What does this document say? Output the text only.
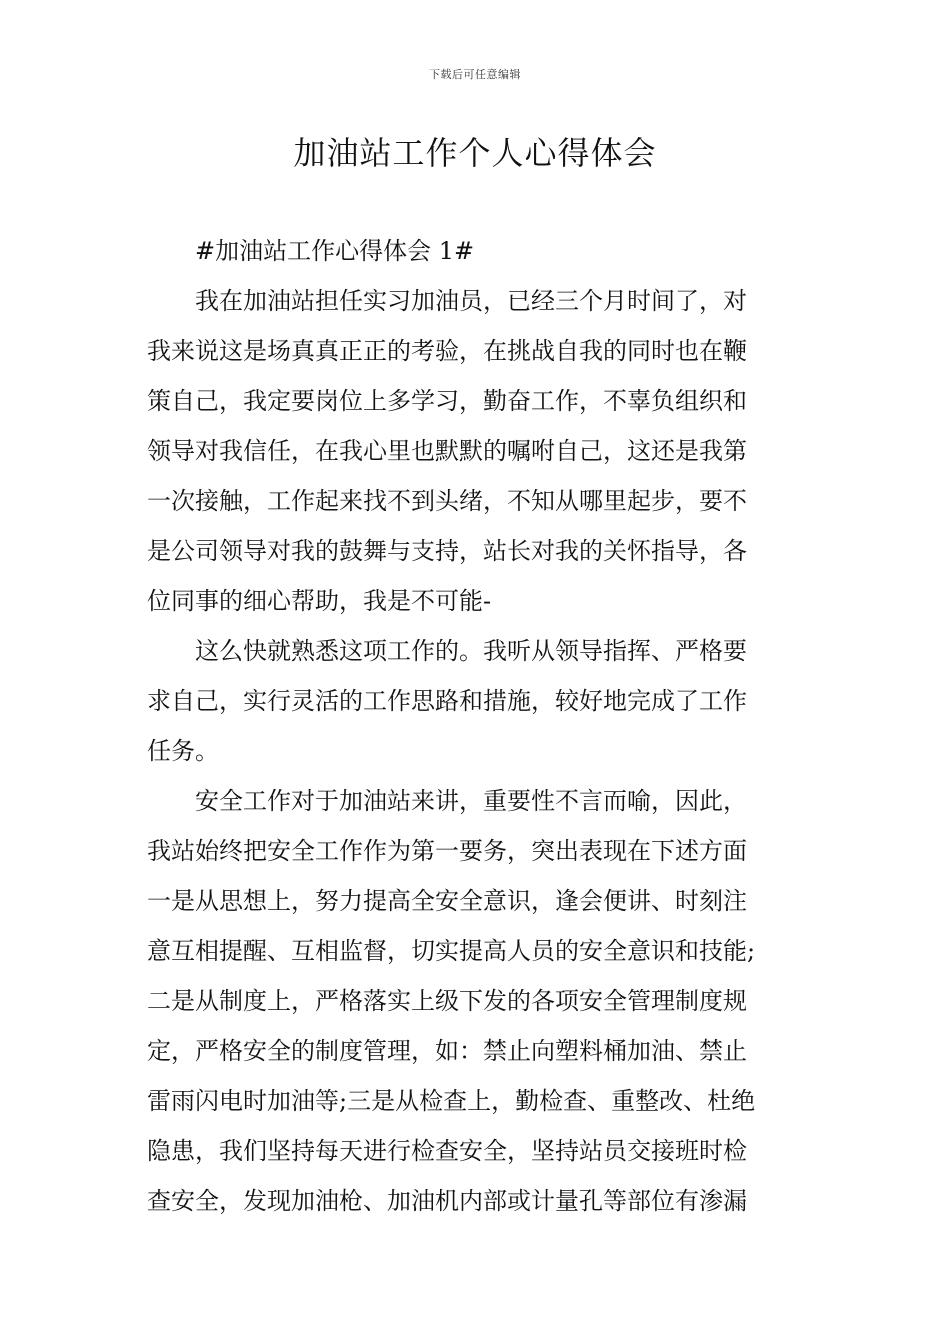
下载后可任意编辑
加油站工作个人心得体会

#加油站工作心得体会 1#

我在加油站担任实习加油员，已经三个月时间了，对

我来说这是场真真正正的考验，在挑战自我的同时也在鞭

策自己，我定要岗位上多学习，勤奋工作，不辜负组织和

领导对我信任，在我心里也默默的嘱咐自己，这还是我第

一次接触，工作起来找不到头绪，不知从哪里起步，要不

是公司领导对我的鼓舞与支持，站长对我的关怀指导，各

位同事的细心帮助，我是不可能-

这么快就熟悉这项工作的。我听从领导指挥、严格要

求自己，实行灵活的工作思路和措施，较好地完成了工作

任务。

安全工作对于加油站来讲，重要性不言而喻，因此，

我站始终把安全工作作为第一要务，突出表现在下述方面

一是从思想上，努力提高全安全意识，逢会便讲、时刻注

意互相提醒、互相监督，切实提高人员的安全意识和技能;

二是从制度上，严格落实上级下发的各项安全管理制度规

定，严格安全的制度管理，如：禁止向塑料桶加油、禁止

雷雨闪电时加油等;三是从检查上，勤检查、重整改、杜绝

隐患，我们坚持每天进行检查安全，坚持站员交接班时检

查安全，发现加油枪、加油机内部或计量孔等部位有渗漏
